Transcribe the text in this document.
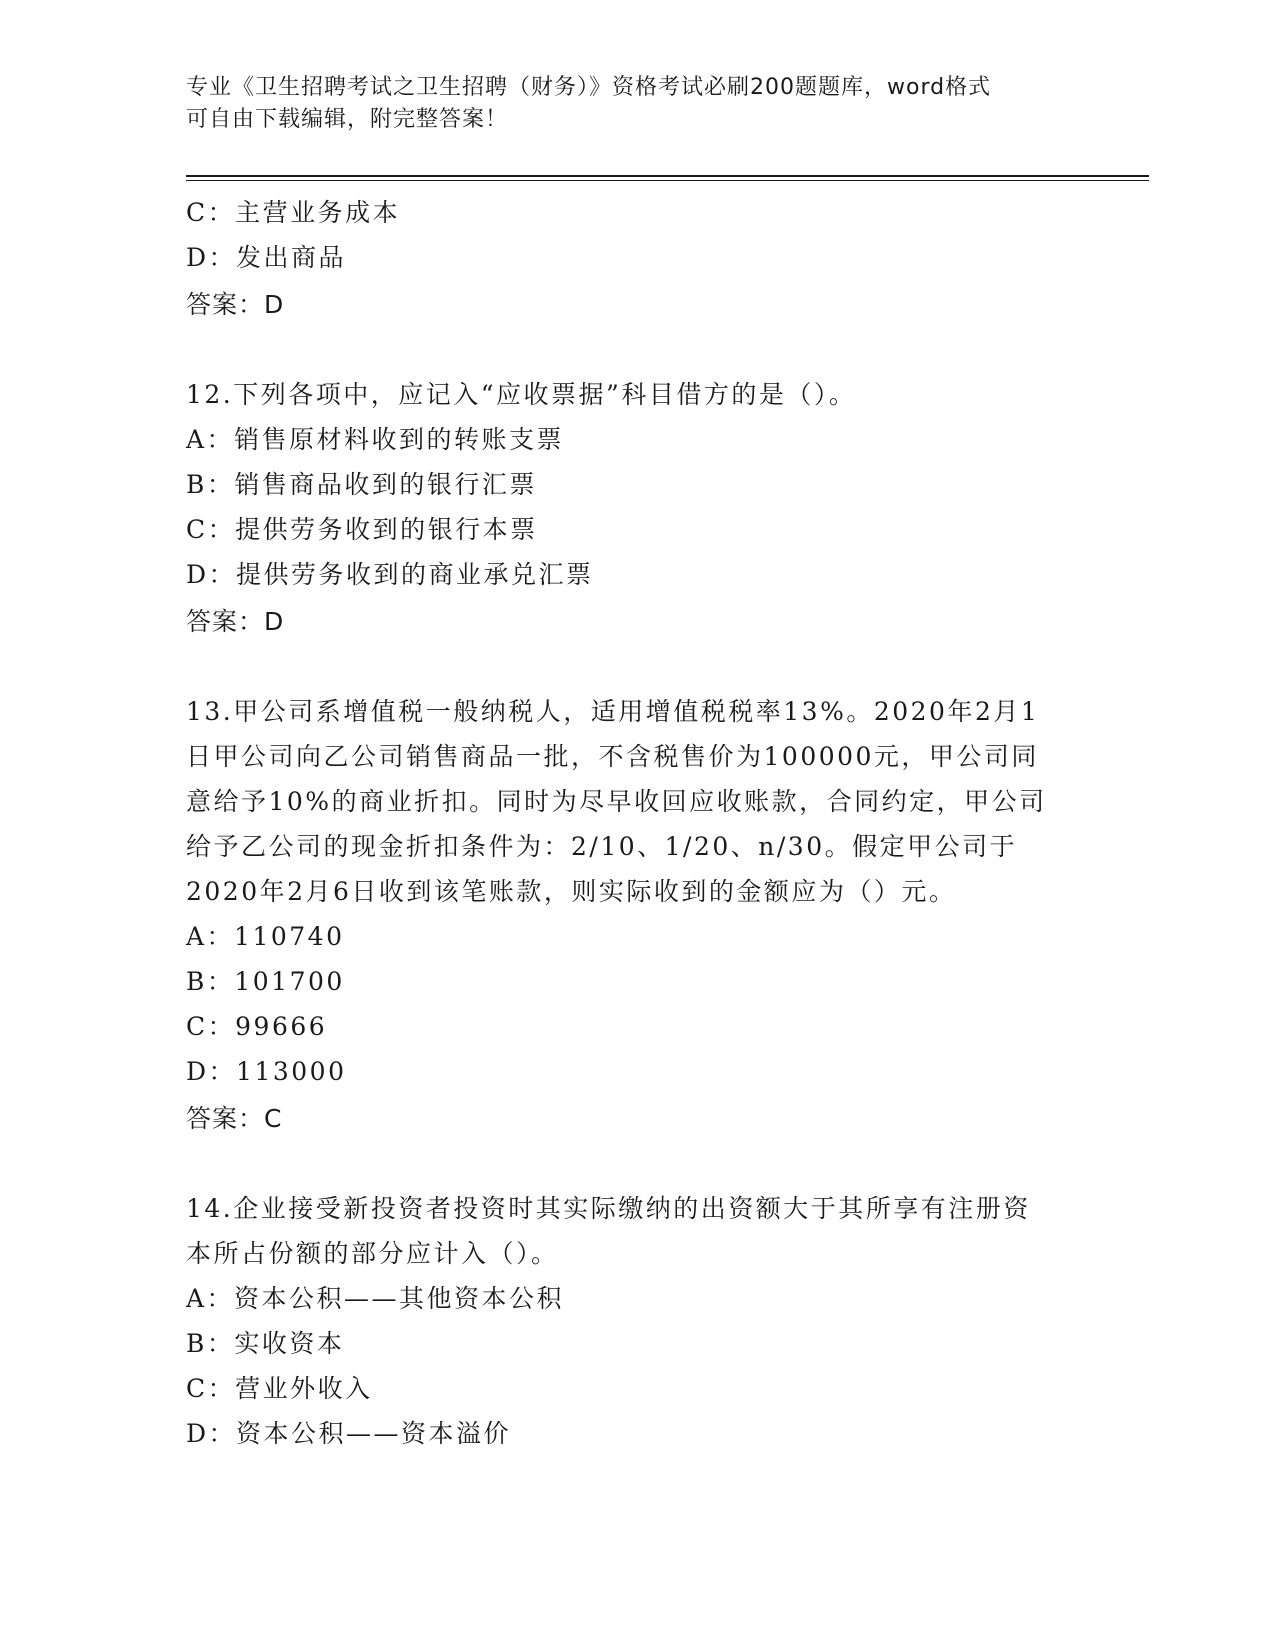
专业《卫生招聘考试之卫生招聘（财务）》资格考试必刷200题题库，word格式
可自由下载编辑，附完整答案！
C：主营业务成本
D：发出商品
答案：D
12.下列各项中，应记入“应收票据”科目借方的是（）。
A：销售原材料收到的转账支票
B：销售商品收到的银行汇票
C：提供劳务收到的银行本票
D：提供劳务收到的商业承兑汇票
答案：D
13.甲公司系增值税一般纳税人，适用增值税税率13%。2020年2月1
日甲公司向乙公司销售商品一批，不含税售价为100000元，甲公司同
意给予10%的商业折扣。同时为尽早收回应收账款，合同约定，甲公司
给予乙公司的现金折扣条件为：2/10、1/20、n/30。假定甲公司于
2020年2月6日收到该笔账款，则实际收到的金额应为（）元。
A：110740
B：101700
C：99666
D：113000
答案：C
14.企业接受新投资者投资时其实际缴纳的出资额大于其所享有注册资
本所占份额的部分应计入（）。
A：资本公积——其他资本公积
B：实收资本
C：营业外收入
D：资本公积——资本溢价
